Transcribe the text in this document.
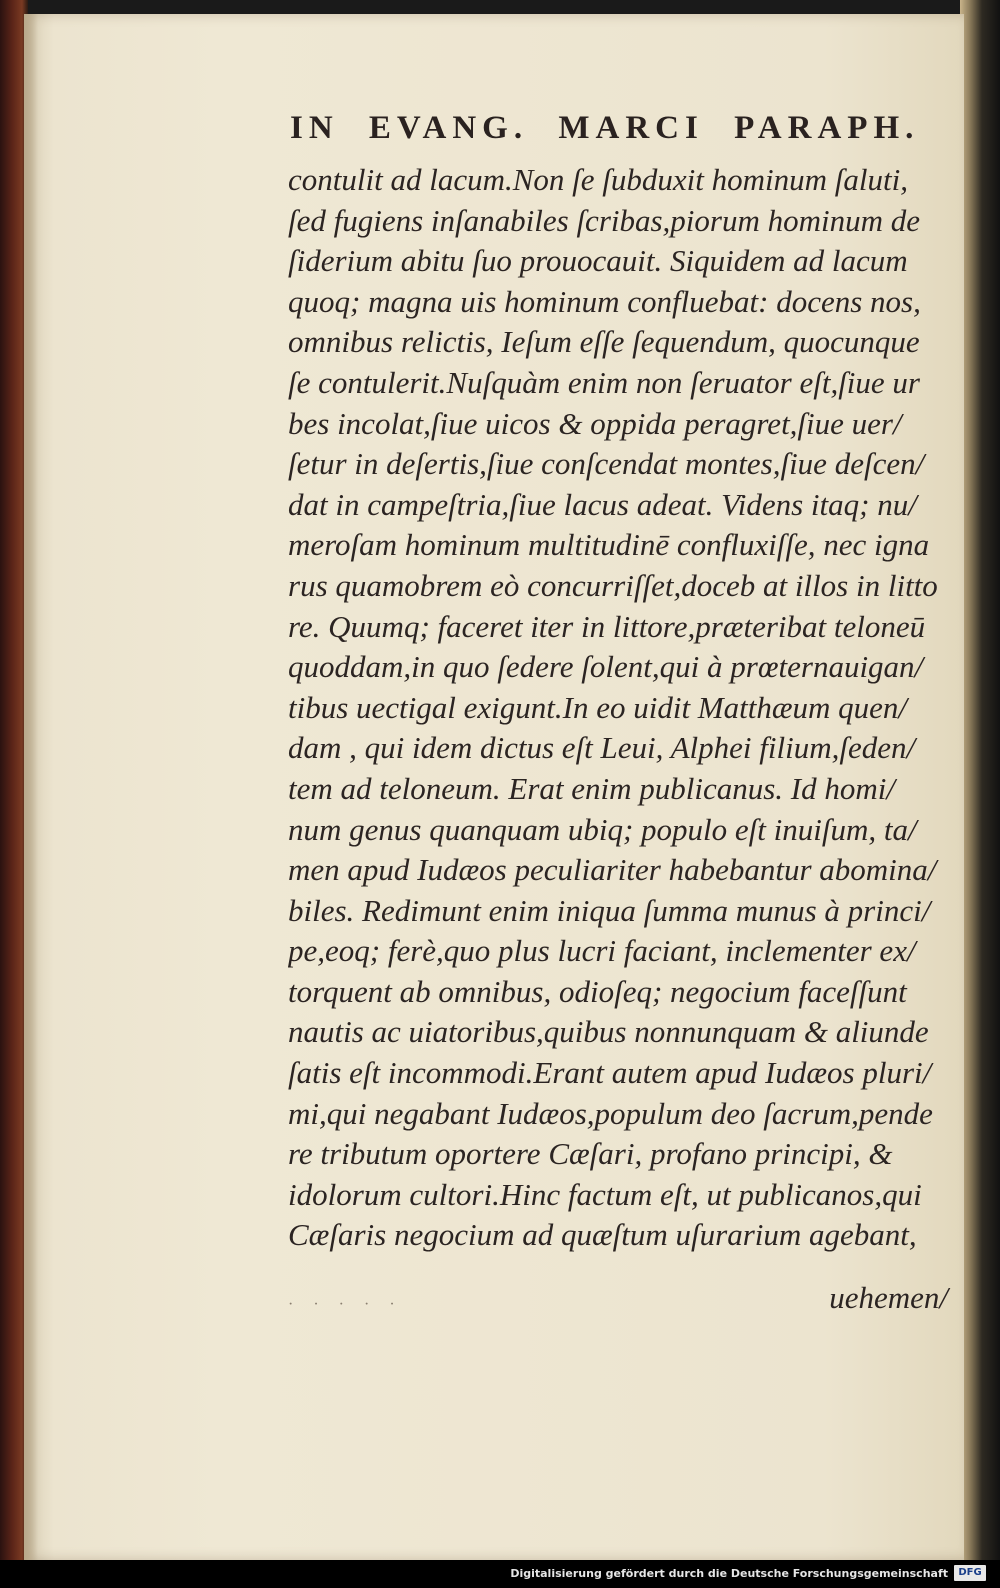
IN EVANG. MARCI PARAPH.
contulit ad lacum.Non ſe ſubduxit hominum ſaluti,
ſed fugiens inſanabiles ſcribas,piorum hominum de
ſiderium abitu ſuo prouocauit. Siquidem ad lacum
quoq; magna uis hominum confluebat: docens nos,
omnibus relictis, Ieſum eſſe ſequendum, quocunque
ſe contulerit.Nuſquàm enim non ſeruator eſt,ſiue ur
bes incolat,ſiue uicos & oppida peragret,ſiue uer/
ſetur in deſertis,ſiue conſcendat montes,ſiue deſcen/
dat in campeſtria,ſiue lacus adeat. Videns itaq; nu/
meroſam hominum multitudinē confluxiſſe, nec igna
rus quamobrem eò concurriſſet,doceb at illos in litto
re. Quumq; faceret iter in littore,præteribat teloneū
quoddam,in quo ſedere ſolent,qui à prœternauigan/
tibus uectigal exigunt.In eo uidit Matthæum quen/
dam , qui idem dictus eſt Leui, Alphei filium,ſeden/
tem ad teloneum. Erat enim publicanus. Id homi/
num genus quanquam ubiq; populo eſt inuiſum, ta/
men apud Iudæos peculiariter habebantur abomina/
biles. Redimunt enim iniqua ſumma munus à princi/
pe,eoq; ferè,quo plus lucri faciant, inclementer ex/
torquent ab omnibus, odioſeq; negocium faceſſunt
nautis ac uiatoribus,quibus nonnunquam & aliunde
ſatis eſt incommodi.Erant autem apud Iudæos pluri/
mi,qui negabant Iudæos,populum deo ſacrum,pende
re tributum oportere Cæſari, profano principi, &
idolorum cultori.Hinc factum eſt, ut publicanos,qui
Cæſaris negocium ad quæſtum uſurarium agebant,
· · · · ·	uehemen/
Digitalisierung gefördert durch die Deutsche Forschungsgemeinschaft	DFG
